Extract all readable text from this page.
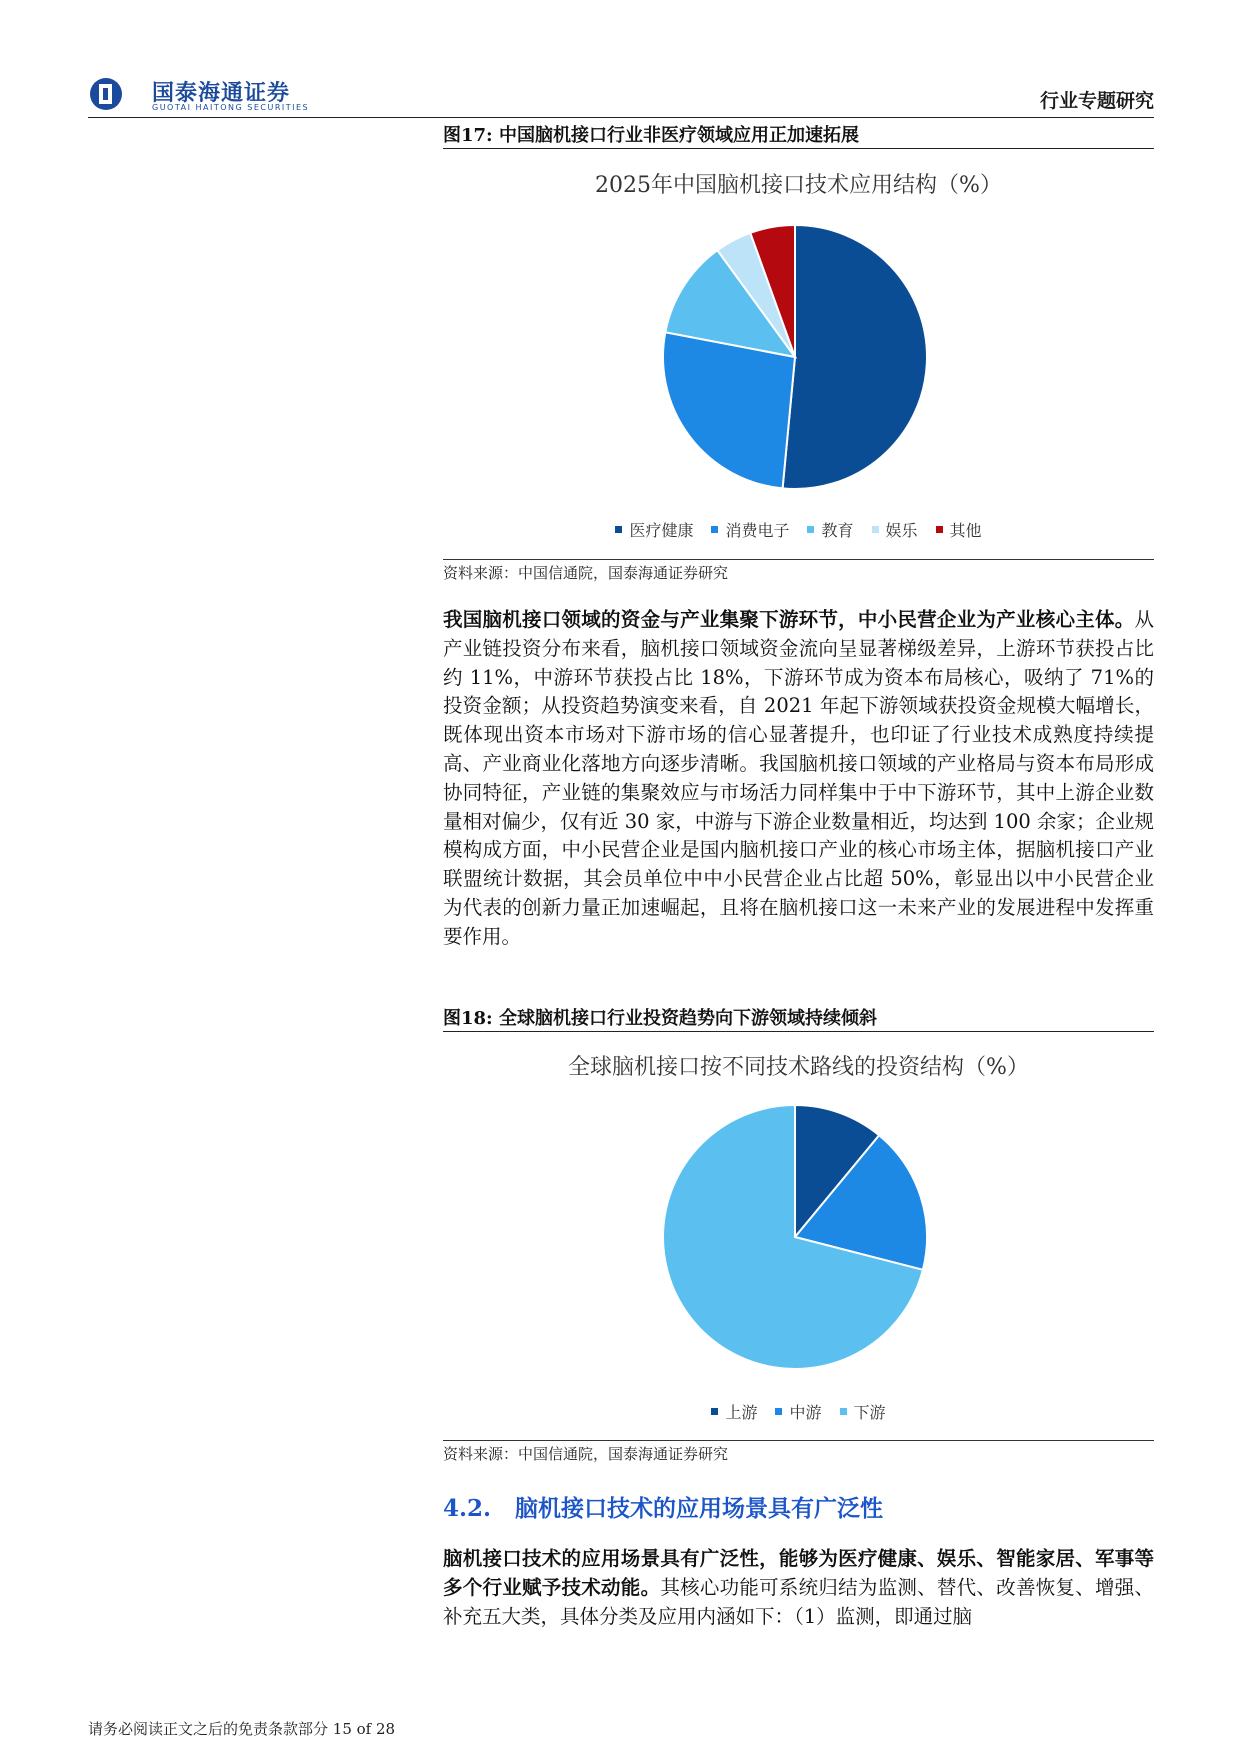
国泰海通证券
GUOTAI HAITONG SECURITIES	行业专题研究
图17: 中国脑机接口行业非医疗领域应用正加速拓展
2025年中国脑机接口技术应用结构（%）
医疗健康 消费电子 教育 娱乐 其他
资料来源：中国信通院，国泰海通证券研究
我国脑机接口领域的资金与产业集聚下游环节，中小民营企业为产业核心主体。从产业链投资分布来看，脑机接口领域资金流向呈显著梯级差异，上游环节获投占比约 11%，中游环节获投占比 18%，下游环节成为资本布局核心，吸纳了 71%的投资金额；从投资趋势演变来看，自 2021 年起下游领域获投资金规模大幅增长，既体现出资本市场对下游市场的信心显著提升，也印证了行业技术成熟度持续提高、产业商业化落地方向逐步清晰。我国脑机接口领域的产业格局与资本布局形成协同特征，产业链的集聚效应与市场活力同样集中于中下游环节，其中上游企业数量相对偏少，仅有近 30 家，中游与下游企业数量相近，均达到 100 余家；企业规模构成方面，中小民营企业是国内脑机接口产业的核心市场主体，据脑机接口产业联盟统计数据，其会员单位中中小民营企业占比超 50%，彰显出以中小民营企业为代表的创新力量正加速崛起，且将在脑机接口这一未来产业的发展进程中发挥重要作用。
图18: 全球脑机接口行业投资趋势向下游领域持续倾斜
全球脑机接口按不同技术路线的投资结构（%）
上游 中游 下游
资料来源：中国信通院，国泰海通证券研究
4.2. 脑机接口技术的应用场景具有广泛性
脑机接口技术的应用场景具有广泛性，能够为医疗健康、娱乐、智能家居、军事等多个行业赋予技术动能。其核心功能可系统归结为监测、替代、改善恢复、增强、补充五大类，具体分类及应用内涵如下：（1）监测，即通过脑
请务必阅读正文之后的免责条款部分 15 of 28
